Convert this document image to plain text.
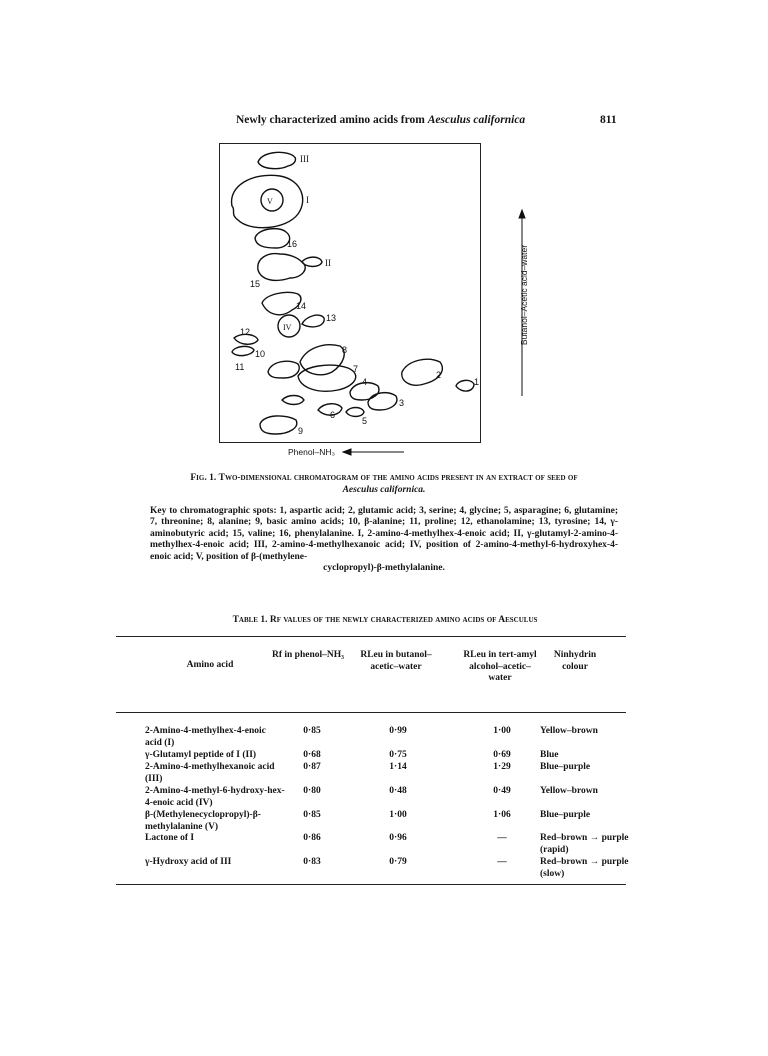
Newly characterized amino acids from Aesculus californica	811
III
V	I
16
II
15
14
IV
13
12
10	8
11	7
2
4	1
3
6
5
9
Butanol–Acetic acid–water
Phenol–NH₃
Fig. 1. Two-dimensional chromatogram of the amino acids present in an extract of seed of
Aesculus californica.
Key to chromatographic spots: 1, aspartic acid; 2, glutamic acid; 3, serine; 4, glycine; 5, asparagine; 6, glutamine; 7, threonine; 8, alanine; 9, basic amino acids; 10, β-alanine; 11, proline; 12, ethanolamine; 13, tyrosine; 14, γ-aminobutyric acid; 15, valine; 16, phenylalanine. I, 2-amino-4-methylhex-4-enoic acid; II, γ-glutamyl-2-amino-4-methylhex-4-enoic acid; III, 2-amino-4-methylhexanoic acid; IV, position of 2-amino-4-methyl-6-hydroxyhex-4-enoic acid; V, position of β-(methylene-
cyclopropyl)-β-methylalanine.
Table 1. Rf values of the newly characterized amino acids of Aesculus
Amino acid
Rf in phenol–NH₃	RLeu in butanol–acetic–water
RLeu in tert-amyl alcohol–acetic–water
Ninhydrin colour
2-Amino-4-methylhex-4-enoic acid (I)
0·85	0·99	1·00	Yellow–brown
γ-Glutamyl peptide of I (II)	0·68	0·75	0·69	Blue
2-Amino-4-methylhexanoic acid (III)
0·87	1·14	1·29	Blue–purple
2-Amino-4-methyl-6-hydroxy-hex-4-enoic acid (IV)
0·80	0·48	0·49	Yellow–brown
β-(Methylenecyclopropyl)-β-methylalanine (V)
0·85	1·00	1·06	Blue–purple
Lactone of I	0·86	0·96	—	Red–brown → purple (rapid)
γ-Hydroxy acid of III	0·83	0·79	—	Red–brown → purple (slow)
